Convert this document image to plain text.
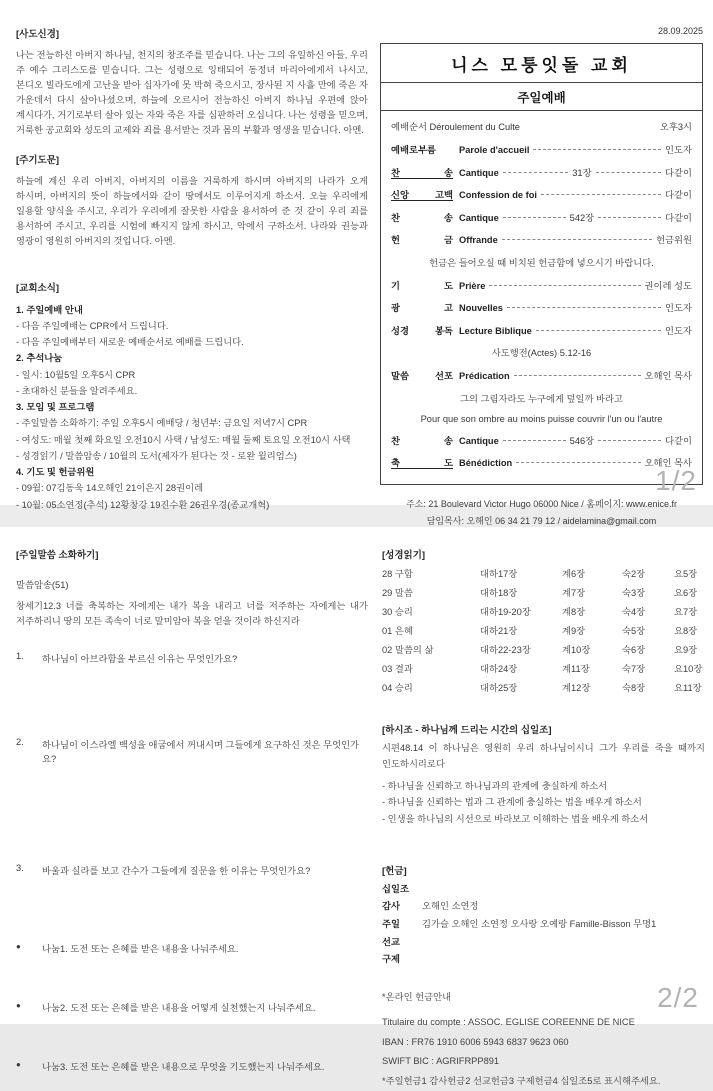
[사도신경]

나는 전능하신 아버지 하나님, 천지의 창조주를 믿습니다. 나는 그의 유일하신 아들, 우리 주 예수 그리스도를 믿습니다. 그는 성령으로 잉태되어 동정녀 마리아에게서 나시고, 본디오 빌라도에게 고난을 받아 십자가에 못 박혀 죽으시고, 장사된 지 사흘 만에 죽은 자 가운데서 다시 살아나셨으며, 하늘에 오르시어 전능하신 아버지 하나님 우편에 앉아 계시다가, 거기로부터 살아 있는 자와 죽은 자를 심판하러 오십니다. 나는 성령을 믿으며, 거룩한 공교회와 성도의 교제와 죄를 용서받는 것과 몸의 부활과 영생을 믿습니다. 아멘.

[주기도문]

하늘에 계신 우리 아버지, 아버지의 이름을 거룩하게 하시며 아버지의 나라가 오게 하시며, 아버지의 뜻이 하늘에서와 같이 땅에서도 이루어지게 하소서. 오늘 우리에게 일용할 양식을 주시고, 우리가 우리에게 잘못한 사람을 용서하여 준 것 같이 우리 죄를 용서하여 주시고, 우리를 시험에 빠지지 않게 하시고, 악에서 구하소서. 나라와 권능과 영광이 영원히 아버지의 것입니다. 아멘.

[교회소식]
1. 주일예배 안내
- 다음 주일예배는 CPR에서 드립니다.
- 다음 주일예배부터 새로운 예배순서로 예배를 드립니다.
2. 추석나눔
- 일시: 10월5일 오후5시 CPR
- 초대하신 분들을 알려주세요.
3. 모임 및 프로그램
- 주일말씀 소화하기: 주일 오후5시 예배당 / 청년부: 금요일 저녁7시 CPR
- 여성도: 매월 첫째 화요일 오전10시 사택 / 남성도: 매월 둘째 토요일 오전10시 사택
- 성경읽기 / 말씀암송 / 10월의 도서(제자가 된다는 것 - 로완 윌리엄스)
4. 기도 및 헌금위원
- 09월: 07김동욱 14오해인 21이은지 28권이레
- 10월: 05소연정(추석) 12황창강 19진수환 26권우경(종교개혁)
28.09.2025
니스 모퉁잇돌 교회
주일예배
예배순서 Déroulement du Culte	오후3시
예배로부름	Parole d'accueil	인도자
찬 송 Cantique	31장	다같이
신앙 고백 Confession de foi	다같이
찬 송 Cantique	542장	다같이
헌 금 Offrande	헌금위원
헌금은 들어오실 때 비치된 헌금함에 넣으시기 바랍니다.
기 도 Prière	권이레 성도
광 고 Nouvelles	인도자
성경 봉독 Lecture Biblique	인도자
사도행전(Actes) 5.12-16
말씀 선포 Prédication	오해인 목사
그의 그림자라도 누구에게 덮일까 바라고
Pour que son ombre au moins puisse couvrir l'un ou l'autre
찬 송 Cantique	546장	다같이
축 도 Bénédiction	오해인 목사
주소: 21 Boulevard Victor Hugo 06000 Nice / 홈페이지: www.enice.fr
담임목사: 오해인 06 34 21 79 12 / aidelamina@gmail.com
1/2
[주일말씀 소화하기]
말씀암송(51)

창세기12.3 너를 축복하는 자에게는 내가 복을 내리고 너를 저주하는 자에게는 내가 저주하리니 땅의 모든 족속이 너로 말미암아 복을 얻을 것이라 하신지라

1.	하나님이 아브라함을 부르신 이유는 무엇인가요?
2.	하나님이 이스라엘 백성을 애굽에서 꺼내시며 그들에게 요구하신 것은 무엇인가요?
3.	바울과 실라를 보고 간수가 그들에게 질문을 한 이유는 무엇인가요?
●	나눔1. 도전 또는 은혜를 받은 내용을 나눠주세요.
●	나눔2. 도전 또는 은혜를 받은 내용을 어떻게 실천했는지 나눠주세요.
●	나눔3. 도전 또는 은혜를 받은 내용으로 무엇을 기도했는지 나눠주세요.
[성경읽기]
28 구함	대하17장	계6장	숙2장	요5장
29 말씀	대하18장	계7장	숙3장	요6장
30 승리	대하19-20장	계8장	숙4장	요7장
01 은혜	대하21장	계9장	숙5장	요8장
02 말씀의 삶	대하22-23장	계10장	숙6장	요9장
03 결과	대하24장	계11장	숙7장	요10장
04 승리	대하25장	계12장	숙8장	요11장
[하시조 - 하나님께 드리는 시간의 십일조]
시편48.14 이 하나님은 영원히 우리 하나님이시니 그가 우리를 죽을 때까지 인도하시리로다
- 하나님을 신뢰하고 하나님과의 관계에 충실하게 하소서
- 하나님을 신뢰하는 법과 그 관계에 충실하는 법을 배우게 하소서
- 인생을 하나님의 시선으로 바라보고 이해하는 법을 배우게 하소서
[헌금]
십일조
감사	오해인 소연정
주일	김가슬 오해인 소연정 오사랑 오예랑 Famille-Bisson 무명1
선교
구제
*온라인 헌금안내
Titulaire du compte : ASSOC. EGLISE COREENNE DE NICE
IBAN : FR76 1910 6006 5943 6837 9623 060
SWIFT BIC : AGRIFRPP891
*주일헌금1 감사헌금2 선교헌금3 구제헌금4 십일조5로 표시해주세요.
2/2
